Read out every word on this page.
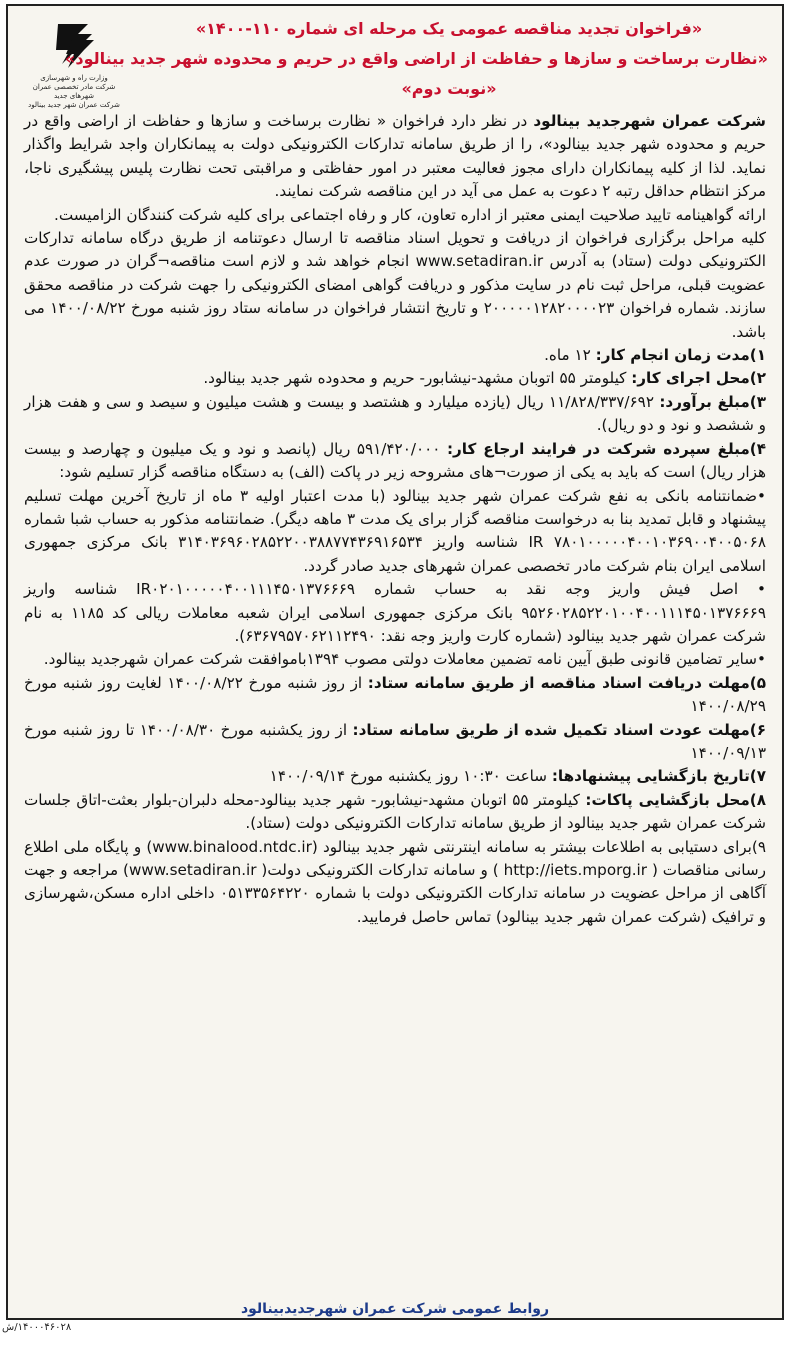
وزارت راه و شهرسازی
شرکت مادر تخصصی عمران شهرهای جدید
شرکت عمران شهر جدید بینالود
«فراخوان تجدید مناقصه عمومی یک مرحله ای شماره ۱۱۰-۱۴۰۰»
«نظارت برساخت و سازها و حفاظت از اراضی واقع در حریم و محدوده شهر جدید بینالود»
«نوبت دوم»

شرکت عمران شهرجدید بینالود در نظر دارد فراخوان « نظارت برساخت و سازها و حفاظت از اراضی واقع در حریم و محدوده شهر جدید بینالود»، را از طریق سامانه تدارکات الکترونیکی دولت به پیمانکاران واجد شرایط واگذار نماید. لذا از کلیه پیمانکاران دارای مجوز فعالیت معتبر در امور حفاظتی و مراقبتی تحت نظارت پلیس پیشگیری ناجا، مرکز انتظام حداقل رتبه ۲ دعوت به عمل می آید در این مناقصه شرکت نمایند.

ارائه گواهینامه تایید صلاحیت ایمنی معتبر از اداره تعاون، کار و رفاه اجتماعی برای کلیه شرکت کنندگان الزامیست.

کلیه مراحل برگزاری فراخوان از دریافت و تحویل اسناد مناقصه تا ارسال دعوتنامه از طریق درگاه سامانه تدارکات الکترونیکی دولت (ستاد) به آدرس www.setadiran.ir انجام خواهد شد و لازم است مناقصه¬گران در صورت عدم عضویت قبلی، مراحل ثبت نام در سایت مذکور و دریافت گواهی امضای الکترونیکی را جهت شرکت در مناقصه محقق سازند. شماره فراخوان ۲۰۰۰۰۰۱۲۸۲۰۰۰۰۲۳ و تاریخ انتشار فراخوان در سامانه ستاد روز شنبه مورخ ۱۴۰۰/۰۸/۲۲ می باشد.

۱)مدت زمان انجام کار: ۱۲ ماه.

۲)محل اجرای کار: کیلومتر ۵۵ اتوبان مشهد-نیشابور- حریم و محدوده شهر جدید بینالود.

۳)مبلغ برآورد: ۱۱/۸۲۸/۳۳۷/۶۹۲ ریال (یازده میلیارد و هشتصد و بیست و هشت میلیون و سیصد و سی و هفت هزار و ششصد و نود و دو ریال).

۴)مبلغ سپرده شرکت در فرایند ارجاع کار: ۵۹۱/۴۲۰/۰۰۰ ریال (پانصد و نود و یک میلیون و چهارصد و بیست هزار ریال) است که باید به یکی از صورت¬های مشروحه زیر در پاکت (الف) به دستگاه مناقصه گزار تسلیم شود:

•ضمانتنامه بانکی به نفع شرکت عمران شهر جدید بینالود (با مدت اعتبار اولیه ۳ ماه از تاریخ آخرین مهلت تسلیم پیشنهاد و قابل تمدید بنا به درخواست مناقصه گزار برای یک مدت ۳ ماهه دیگر). ضمانتنامه مذکور به حساب شبا شماره IR ۷۸۰۱۰۰۰۰۰۴۰۰۱۰۳۶۹۰۰۴۰۰۵۰۶۸ شناسه واریز ۳۱۴۰۳۶۹۶۰۲۸۵۲۲۰۰۳۸۸۷۷۴۳۶۹۱۶۵۳۴ بانک مرکزی جمهوری اسلامی ایران بنام شرکت مادر تخصصی عمران شهرهای جدید صادر گردد.

• اصل فیش واریز وجه نقد به حساب شماره IR۰۲۰۱۰۰۰۰۰۴۰۰۱۱۱۴۵۰۱۳۷۶۶۶۹ شناسه واریز ۹۵۲۶۰۲۸۵۲۲۰۱۰۰۴۰۰۱۱۱۴۵۰۱۳۷۶۶۶۹ بانک مرکزی جمهوری اسلامی ایران شعبه معاملات ریالی کد ۱۱۸۵ به نام شرکت عمران شهر جدید بینالود (شماره کارت واریز وجه نقد: ۶۳۶۷۹۵۷۰۶۲۱۱۲۴۹۰).

•سایر تضامین قانونی طبق آیین نامه تضمین معاملات دولتی مصوب ۱۳۹۴باموافقت شرکت عمران شهرجدید بینالود.

۵)مهلت دریافت اسناد مناقصه از طریق سامانه ستاد: از روز شنبه مورخ ۱۴۰۰/۰۸/۲۲ لغایت روز شنبه مورخ ۱۴۰۰/۰۸/۲۹

۶)مهلت عودت اسناد تکمیل شده از طریق سامانه ستاد: از روز یکشنبه مورخ ۱۴۰۰/۰۸/۳۰ تا روز شنبه مورخ ۱۴۰۰/۰۹/۱۳

۷)تاریخ بازگشایی پیشنهادها: ساعت ۱۰:۳۰ روز یکشنبه مورخ ۱۴۰۰/۰۹/۱۴

۸)محل بازگشایی پاکات: کیلومتر ۵۵ اتوبان مشهد-نیشابور- شهر جدید بینالود-محله دلبران-بلوار بعثت-اتاق جلسات شرکت عمران شهر جدید بینالود از طریق سامانه تدارکات الکترونیکی دولت (ستاد).

۹)برای دستیابی به اطلاعات بیشتر به سامانه اینترنتی شهر جدید بینالود (www.binalood.ntdc.ir) و پایگاه ملی اطلاع رسانی مناقصات ( http://iets.mporg.ir ) و سامانه تدارکات الکترونیکی دولت( www.setadiran.ir) مراجعه و جهت آگاهی از مراحل عضویت در سامانه تدارکات الکترونیکی دولت با شماره ۰۵۱۳۳۵۶۴۲۲۰ داخلی اداره مسکن،شهرسازی و ترافیک (شرکت عمران شهر جدید بینالود) تماس حاصل فرمایید.

روابط عمومی شرکت عمران شهرجدیدبینالود
۱۴۰۰۰۴۶۰۲۸/ش
